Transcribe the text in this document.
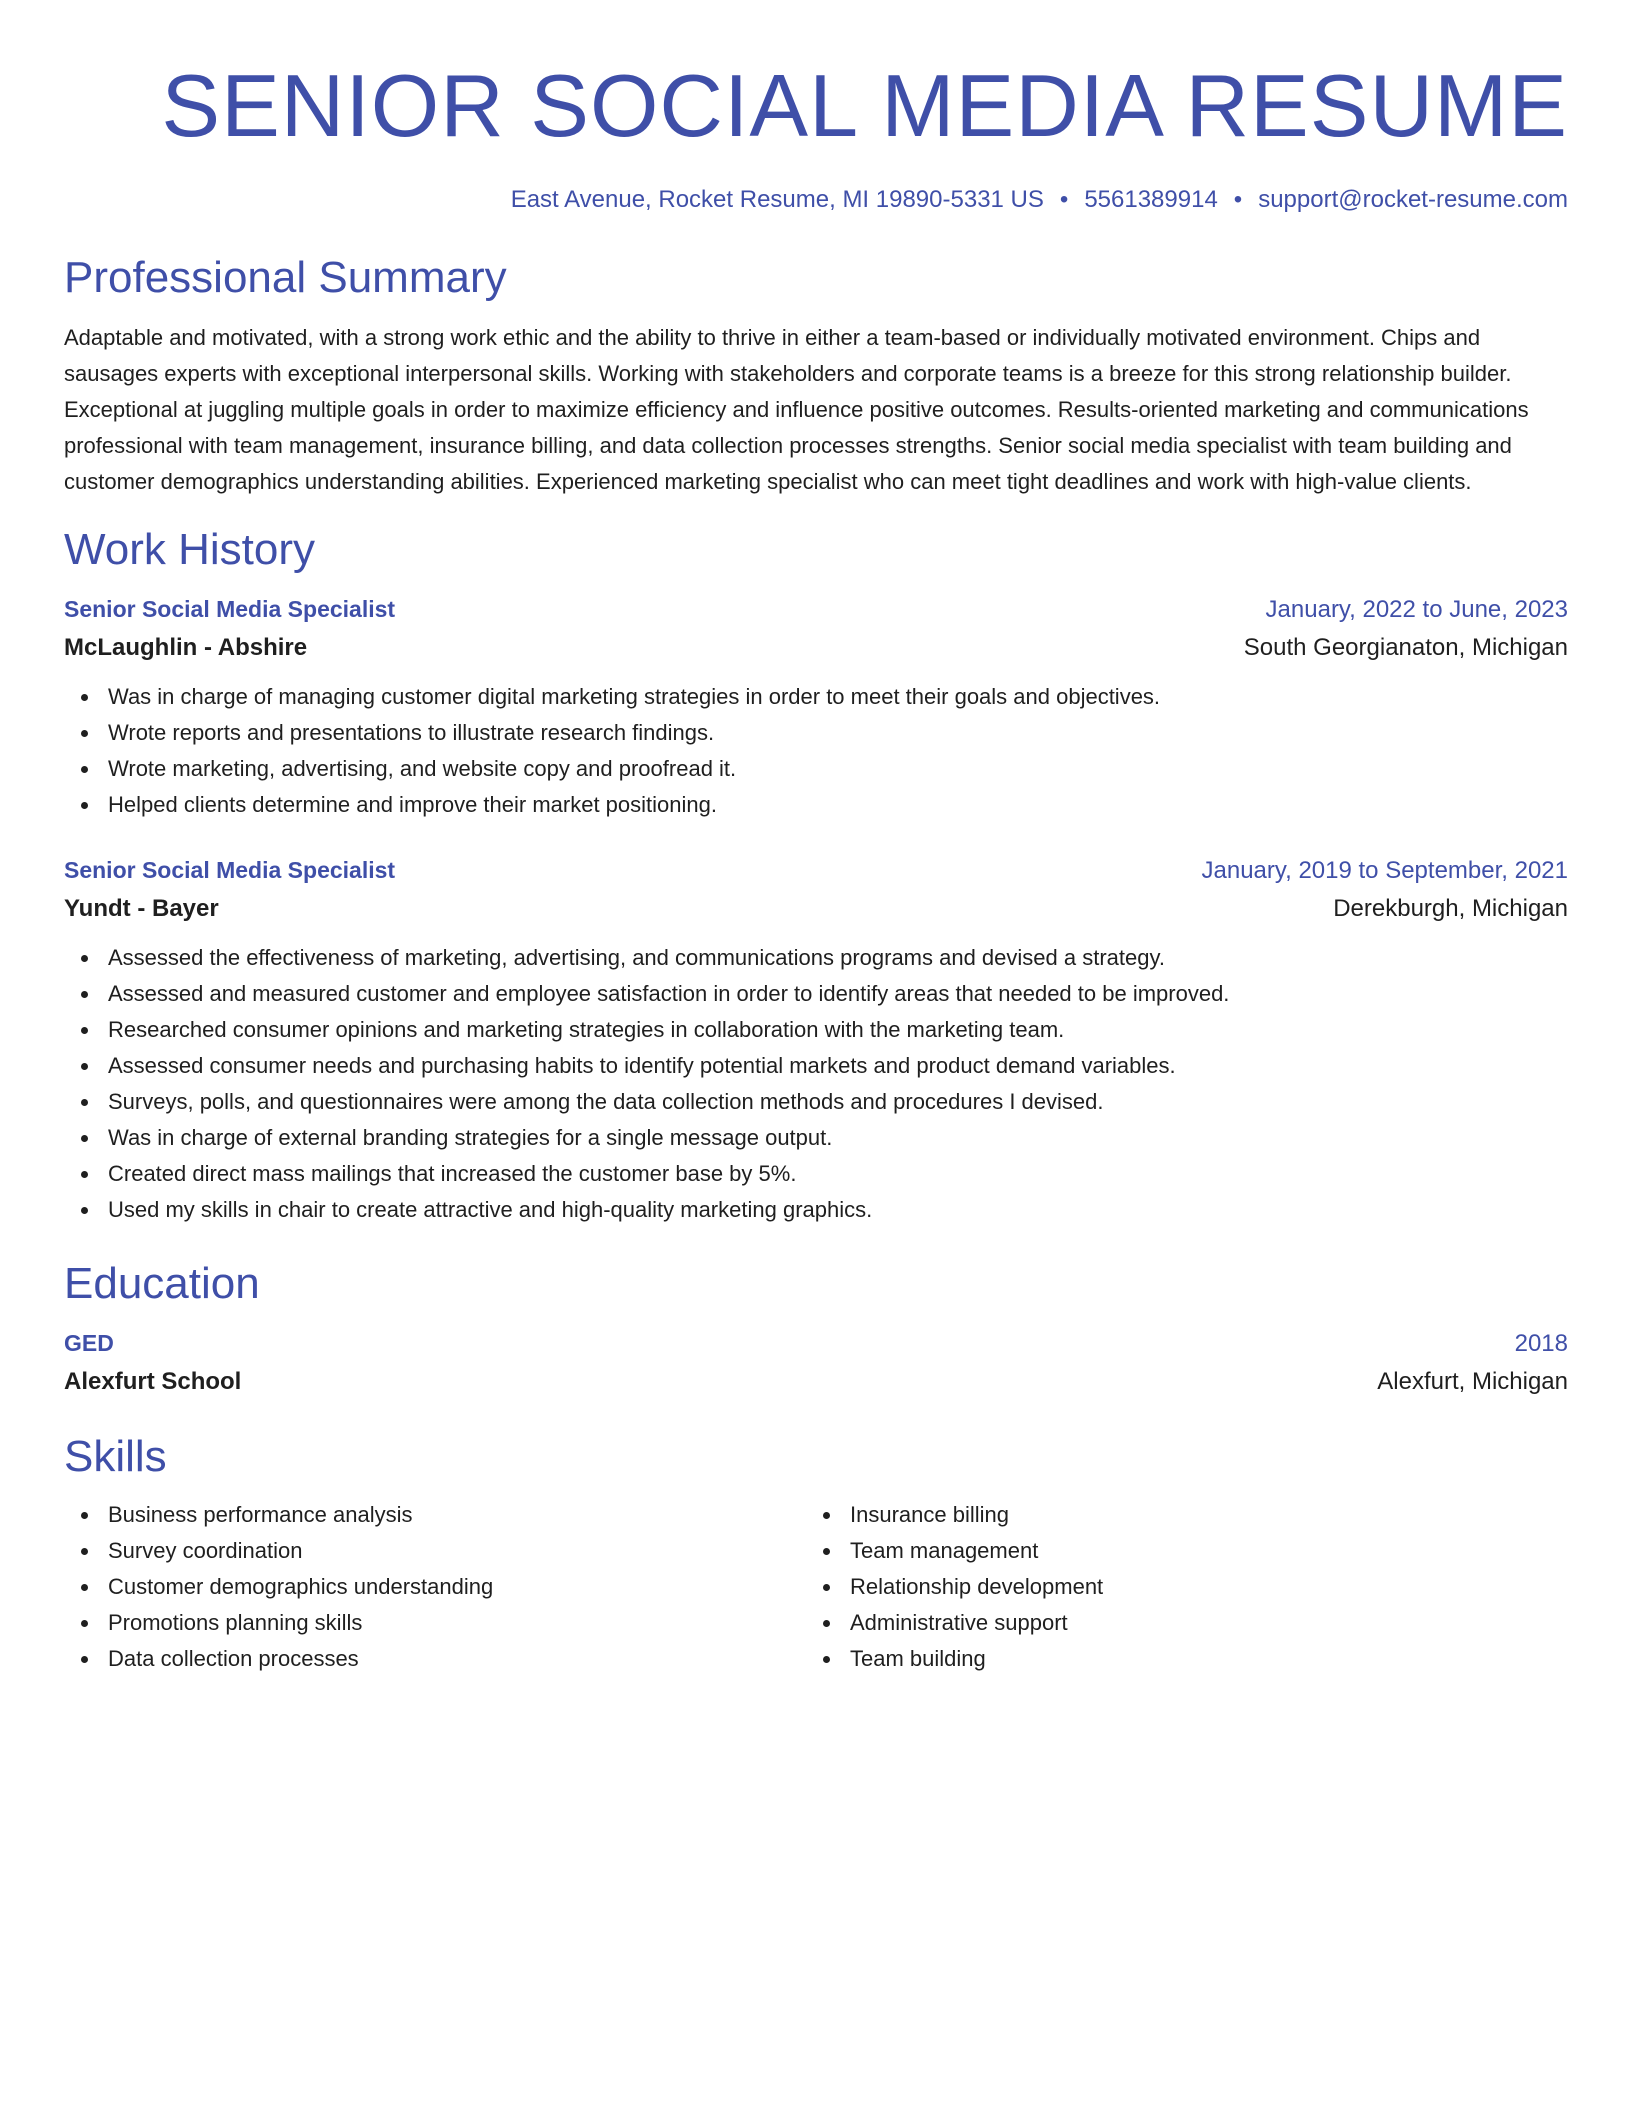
SENIOR SOCIAL MEDIA RESUME
East Avenue, Rocket Resume, MI 19890-5331 US • 5561389914 • support@rocket-resume.com
Professional Summary

Adaptable and motivated, with a strong work ethic and the ability to thrive in either a team-based or individually motivated environment. Chips and sausages experts with exceptional interpersonal skills. Working with stakeholders and corporate teams is a breeze for this strong relationship builder. Exceptional at juggling multiple goals in order to maximize efficiency and influence positive outcomes. Results-oriented marketing and communications professional with team management, insurance billing, and data collection processes strengths. Senior social media specialist with team building and customer demographics understanding abilities. Experienced marketing specialist who can meet tight deadlines and work with high-value clients.

Work History
Senior Social Media Specialist	January, 2022 to June, 2023
McLaughlin - Abshire	South Georgianaton, Michigan
Was in charge of managing customer digital marketing strategies in order to meet their goals and objectives.
Wrote reports and presentations to illustrate research findings.
Wrote marketing, advertising, and website copy and proofread it.
Helped clients determine and improve their market positioning.
Senior Social Media Specialist	January, 2019 to September, 2021
Yundt - Bayer	Derekburgh, Michigan
Assessed the effectiveness of marketing, advertising, and communications programs and devised a strategy.
Assessed and measured customer and employee satisfaction in order to identify areas that needed to be improved.
Researched consumer opinions and marketing strategies in collaboration with the marketing team.
Assessed consumer needs and purchasing habits to identify potential markets and product demand variables.
Surveys, polls, and questionnaires were among the data collection methods and procedures I devised.
Was in charge of external branding strategies for a single message output.
Created direct mass mailings that increased the customer base by 5%.
Used my skills in chair to create attractive and high-quality marketing graphics.
Education
GED	2018
Alexfurt School	Alexfurt, Michigan
Skills
Business performance analysis
Survey coordination
Customer demographics understanding
Promotions planning skills
Data collection processes
Insurance billing
Team management
Relationship development
Administrative support
Team building
